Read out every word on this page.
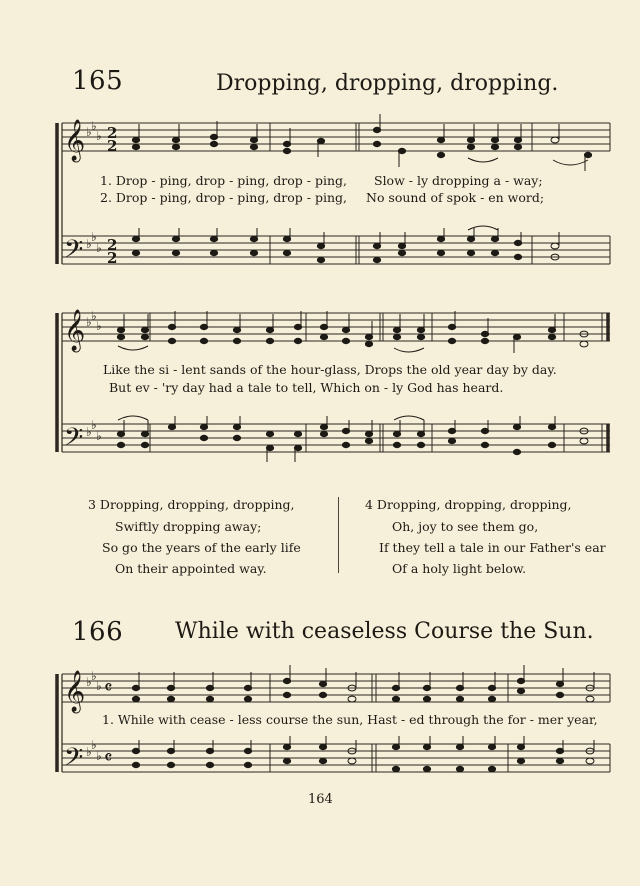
𝄞
𝄢
𝄞
𝄢
𝄞
𝄢
♭ ♭
♭
♭ ♭
♭
♭ ♭
♭
♭ ♭
♭
♭ ♭
♭
♭ ♭
♭
2
2
2
2
𝄴
𝄴
165	Dropping, dropping, dropping.
1. Drop - ping, drop - ping, drop - ping, Slow - ly dropping a - way;
2. Drop - ping, drop - ping, drop - ping, No sound of spok - en word;
Like the si - lent sands of the hour-glass, Drops the old year day by day.
But ev - 'ry day had a tale to tell, Which on - ly God has heard.
3 Dropping, dropping, dropping,
Swiftly dropping away;
So go the years of the early life
On their appointed way.
4 Dropping, dropping, dropping,
Oh, joy to see them go,
If they tell a tale in our Father's ear
Of a holy light below.
166 While with ceaseless Course the Sun.
1. While with cease - less course the sun, Hast - ed through the for - mer year,
164
